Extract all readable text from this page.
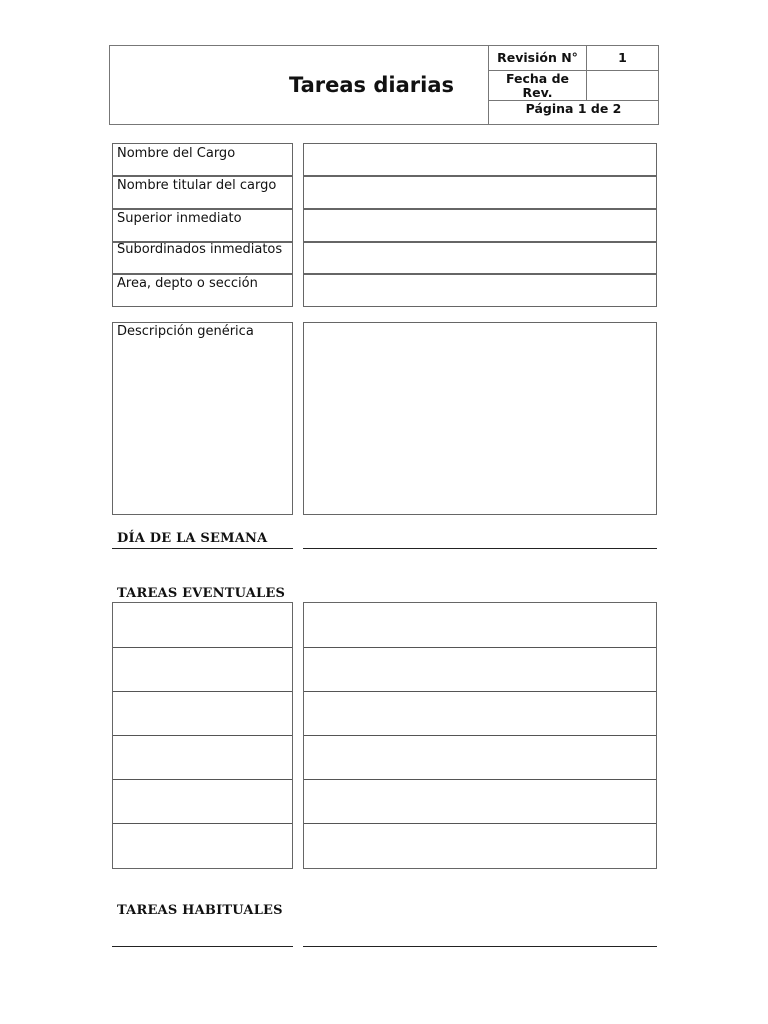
Tareas diarias
Revisión N°	1
Fecha de Rev.
Página 1 de 2
Nombre del Cargo
Nombre titular del cargo
Superior inmediato
Subordinados inmediatos
Area, depto o sección
Descripción genérica
DÍA DE LA SEMANA
TAREAS EVENTUALES
TAREAS HABITUALES
